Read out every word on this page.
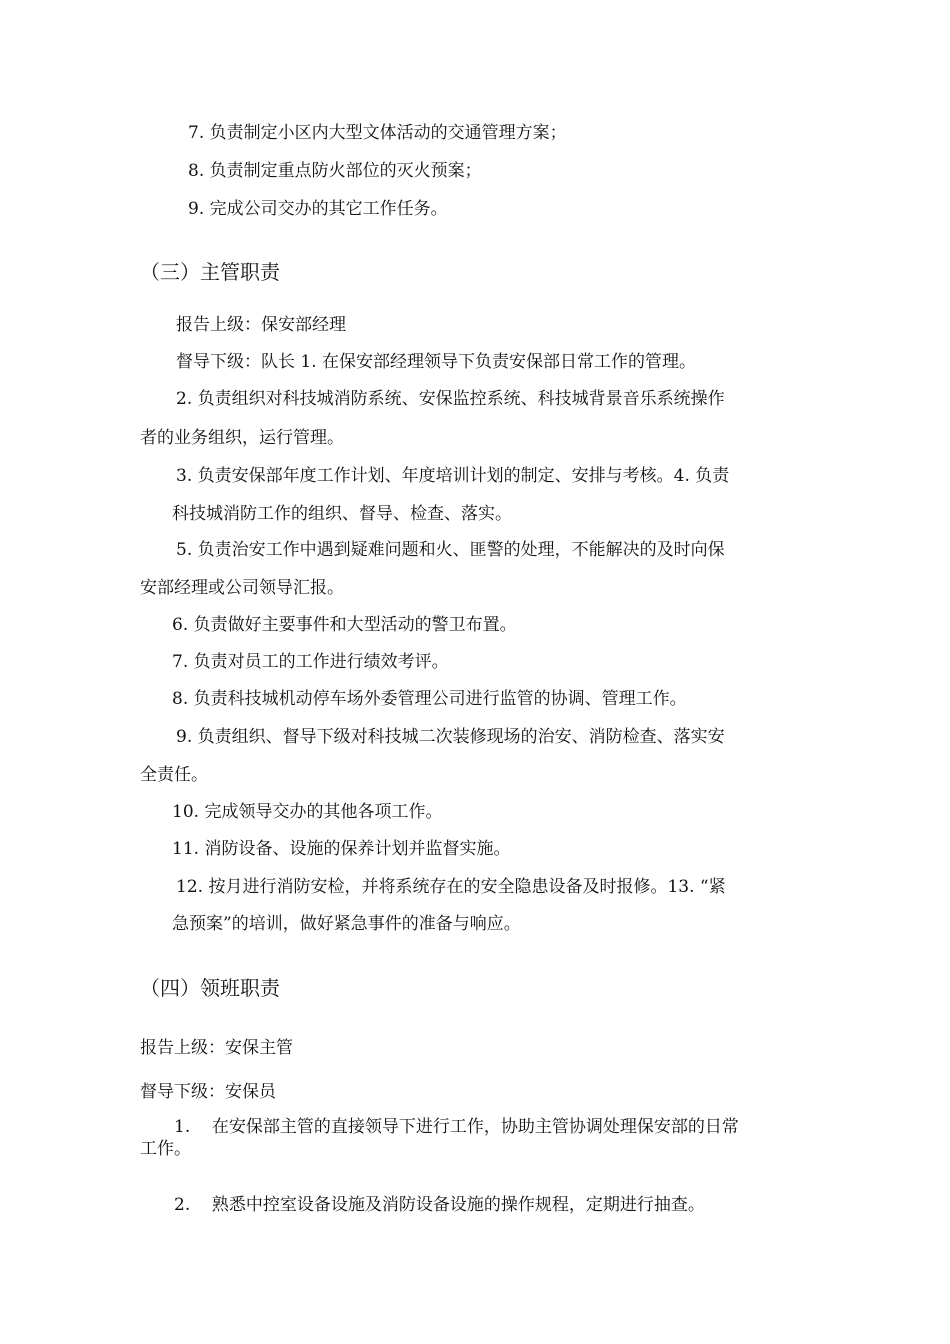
7. 负责制定小区内大型文体活动的交通管理方案；
8. 负责制定重点防火部位的灭火预案；
9. 完成公司交办的其它工作任务。
（三）主管职责
报告上级：保安部经理
督导下级：队长 1. 在保安部经理领导下负责安保部日常工作的管理。
2. 负责组织对科技城消防系统、安保监控系统、科技城背景音乐系统操作
者的业务组织，运行管理。
3. 负责安保部年度工作计划、年度培训计划的制定、安排与考核。4. 负责
科技城消防工作的组织、督导、检查、落实。
5. 负责治安工作中遇到疑难问题和火、匪警的处理，不能解决的及时向保
安部经理或公司领导汇报。
6. 负责做好主要事件和大型活动的警卫布置。
7. 负责对员工的工作进行绩效考评。
8. 负责科技城机动停车场外委管理公司进行监管的协调、管理工作。
9. 负责组织、督导下级对科技城二次装修现场的治安、消防检查、落实安
全责任。
10. 完成领导交办的其他各项工作。
11. 消防设备、设施的保养计划并监督实施。
12. 按月进行消防安检，并将系统存在的安全隐患设备及时报修。13. “紧
急预案”的培训，做好紧急事件的准备与响应。
（四）领班职责
报告上级：安保主管
督导下级：安保员
1.    在安保部主管的直接领导下进行工作，协助主管协调处理保安部的日常
工作。
2.    熟悉中控室设备设施及消防设备设施的操作规程，定期进行抽查。
